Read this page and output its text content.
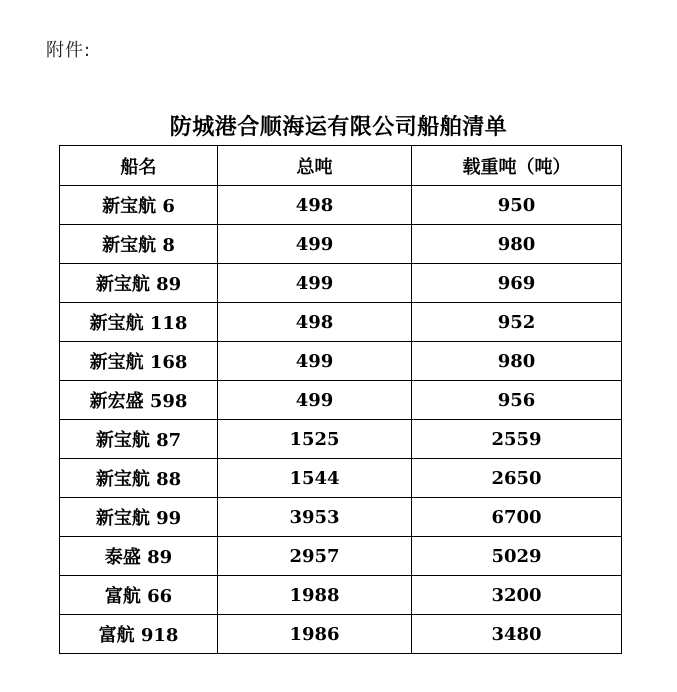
附件:
防城港合顺海运有限公司船舶清单
船名	总吨	载重吨（吨）
新宝航 6	498	950
新宝航 8	499	980
新宝航 89	499	969
新宝航 118	498	952
新宝航 168	499	980
新宏盛 598	499	956
新宝航 87	1525	2559
新宝航 88	1544	2650
新宝航 99	3953	6700
泰盛 89	2957	5029
富航 66	1988	3200
富航 918	1986	3480
